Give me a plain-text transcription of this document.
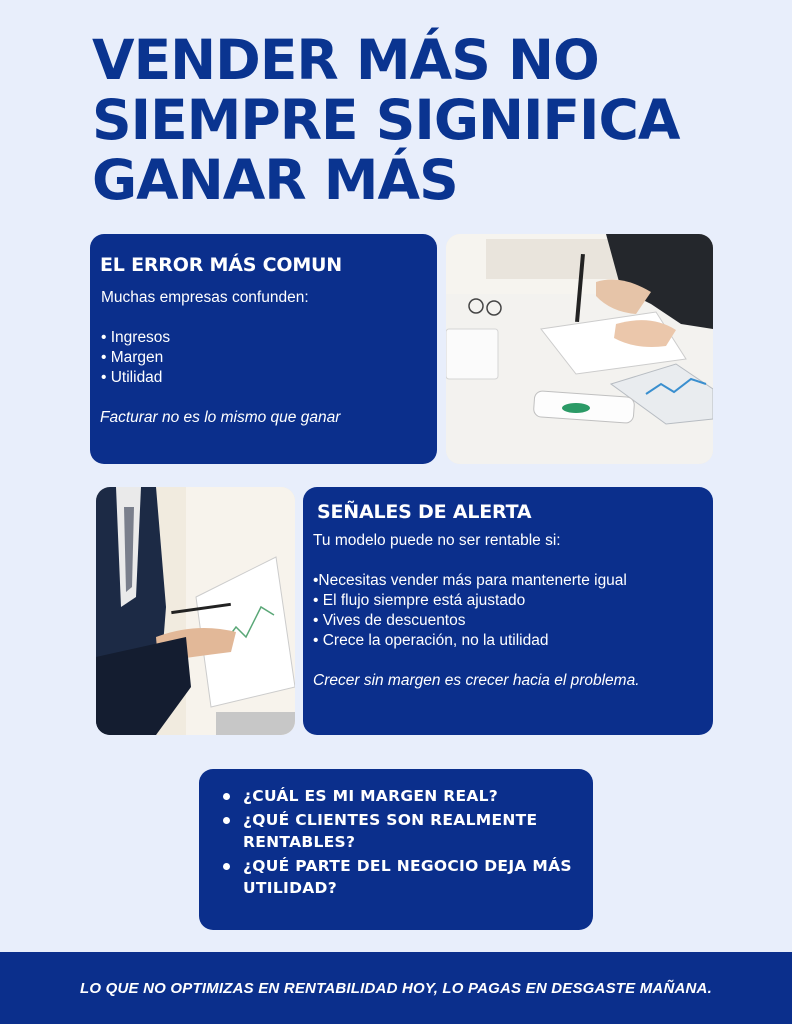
VENDER MÁS NO
SIEMPRE SIGNIFICA
GANAR MÁS
EL ERROR MÁS COMUN
Muchas empresas confunden:
• Ingresos
• Margen
• Utilidad
Facturar no es lo mismo que ganar
SEÑALES DE ALERTA
Tu modelo puede no ser rentable si:
•Necesitas vender más para mantenerte igual
• El flujo siempre está ajustado
• Vives de descuentos
• Crece la operación, no la utilidad
Crecer sin margen es crecer hacia el problema.
¿CUÁL ES MI MARGEN REAL?
¿QUÉ CLIENTES SON REALMENTE RENTABLES?
¿QUÉ PARTE DEL NEGOCIO DEJA MÁS UTILIDAD?
LO QUE NO OPTIMIZAS EN RENTABILIDAD HOY, LO PAGAS EN DESGASTE MAÑANA.
